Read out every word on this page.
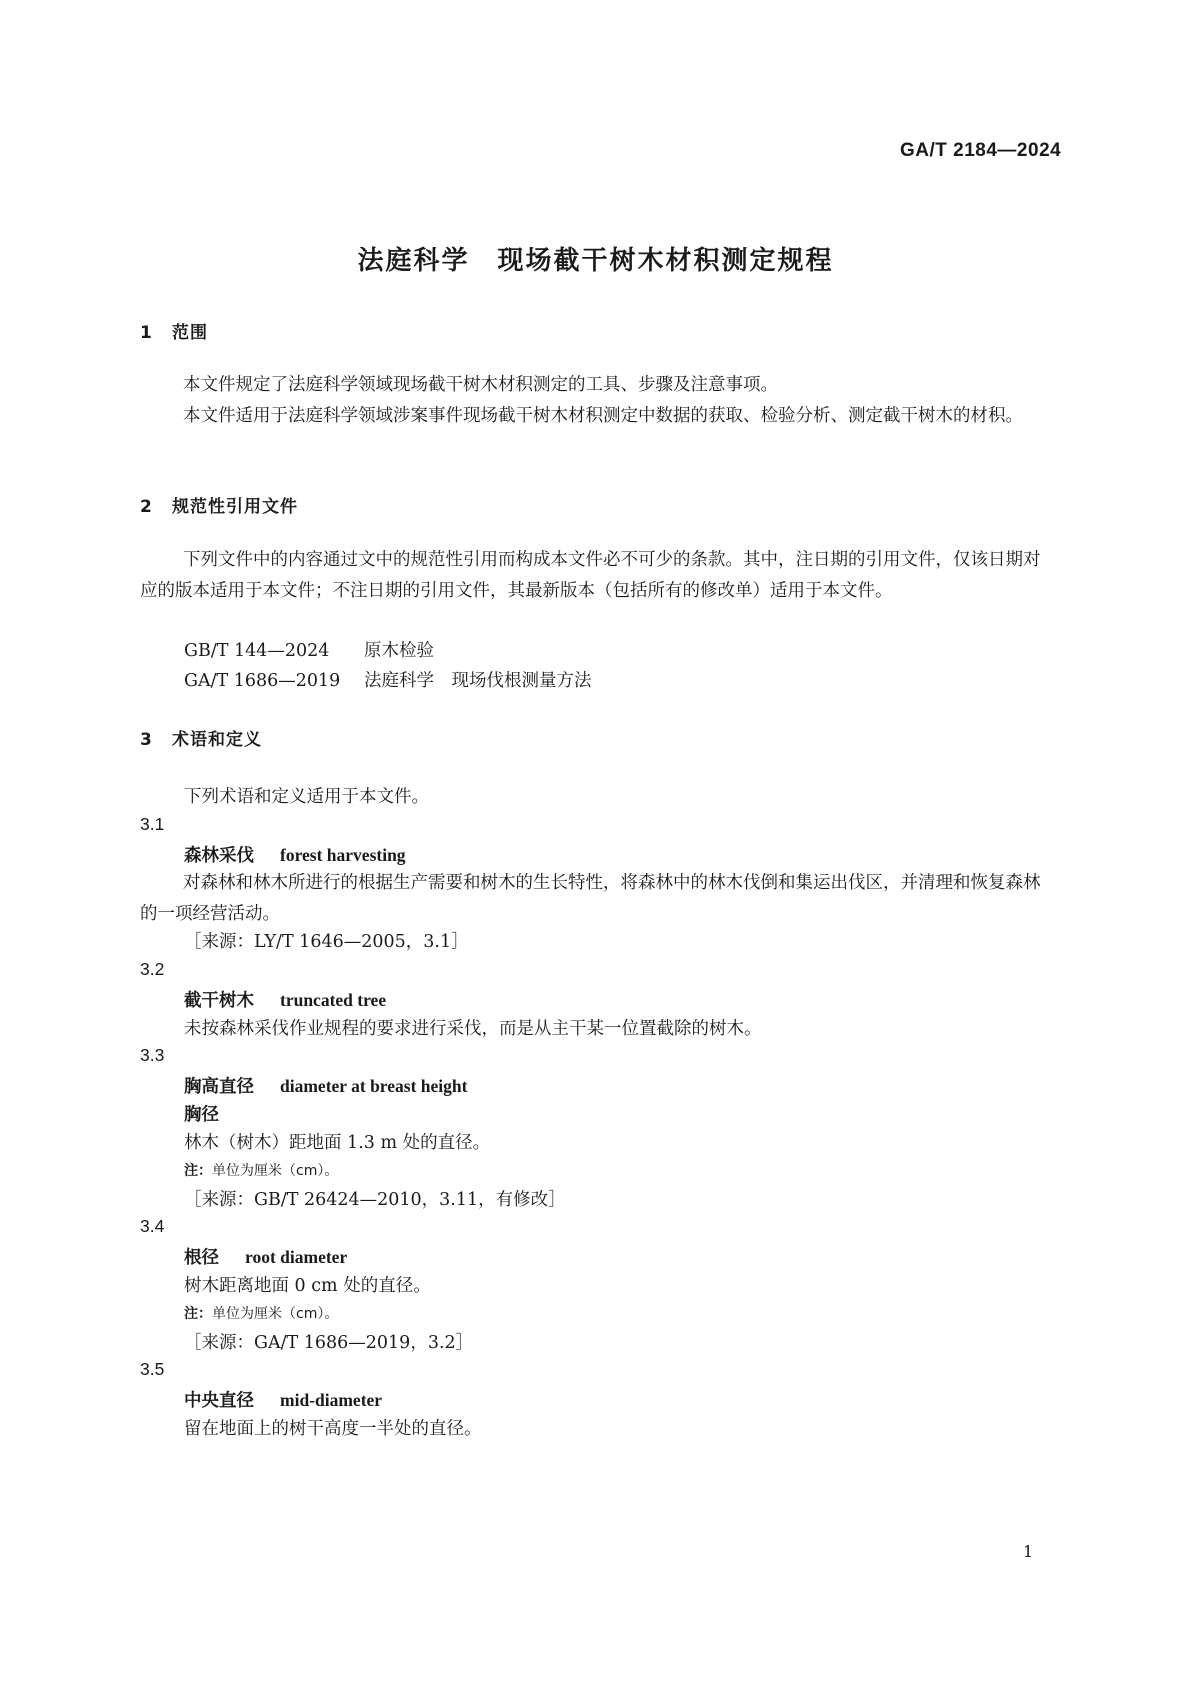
GA/T 2184—2024
法庭科学　现场截干树木材积测定规程
1 范围
本文件规定了法庭科学领域现场截干树木材积测定的工具、步骤及注意事项。
本文件适用于法庭科学领域涉案事件现场截干树木材积测定中数据的获取、检验分析、测定截干树木的材积。
2 规范性引用文件
下列文件中的内容通过文中的规范性引用而构成本文件必不可少的条款。其中，注日期的引用文件，仅该日期对应的版本适用于本文件；不注日期的引用文件，其最新版本（包括所有的修改单）适用于本文件。
GB/T 144—2024 原木检验
GA/T 1686—2019 法庭科学　现场伐根测量方法
3 术语和定义
下列术语和定义适用于本文件。
3.1
森林采伐 forest harvesting
对森林和林木所进行的根据生产需要和树木的生长特性，将森林中的林木伐倒和集运出伐区，并清理和恢复森林的一项经营活动。
［来源：LY/T 1646—2005，3.1］
3.2
截干树木 truncated tree
未按森林采伐作业规程的要求进行采伐，而是从主干某一位置截除的树木。
3.3
胸高直径 diameter at breast height
胸径
林木（树木）距地面 1.3 m 处的直径。
注：单位为厘米（cm）。
［来源：GB/T 26424—2010，3.11，有修改］
3.4
根径 root diameter
树木距离地面 0 cm 处的直径。
注：单位为厘米（cm）。
［来源：GA/T 1686—2019，3.2］
3.5
中央直径 mid-diameter
留在地面上的树干高度一半处的直径。
1
